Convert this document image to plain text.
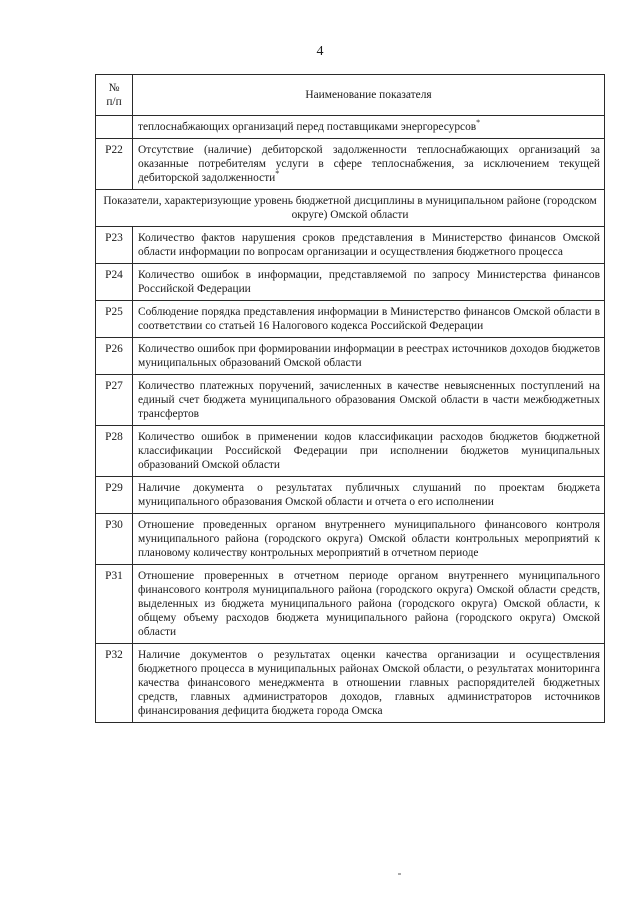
4
№
п/п	Наименование показателя
	теплоснабжающих организаций перед поставщиками энергоресурсов*
Р22	Отсутствие (наличие) дебиторской задолженности теплоснабжающих организаций за оказанные потребителям услуги в сфере теплоснабжения, за исключением текущей дебиторской задолженности*
Показатели, характеризующие уровень бюджетной дисциплины в муниципальном районе (городском округе) Омской области	
Р23	Количество фактов нарушения сроков представления в Министерство финансов Омской области информации по вопросам организации и осуществления бюджетного процесса
Р24	Количество ошибок в информации, представляемой по запросу Министерства финансов Российской Федерации
Р25	Соблюдение порядка представления информации в Министерство финансов Омской области в соответствии со статьей 16 Налогового кодекса Российской Федерации
Р26	Количество ошибок при формировании информации в реестрах источников доходов бюджетов муниципальных образований Омской области
Р27	Количество платежных поручений, зачисленных в качестве невыясненных поступлений на единый счет бюджета муниципального образования Омской области в части межбюджетных трансфертов
Р28	Количество ошибок в применении кодов классификации расходов бюджетов бюджетной классификации Российской Федерации при исполнении бюджетов муниципальных образований Омской области
Р29	Наличие документа о результатах публичных слушаний по проектам бюджета муниципального образования Омской области и отчета о его исполнении
Р30	Отношение проведенных органом внутреннего муниципального финансового контроля муниципального района (городского округа) Омской области контрольных мероприятий к плановому количеству контрольных мероприятий в отчетном периоде
Р31	Отношение проверенных в отчетном периоде органом внутреннего муниципального финансового контроля муниципального района (городского округа) Омской области средств, выделенных из бюджета муниципального района (городского округа) Омской области, к общему объему расходов бюджета муниципального района (городского округа) Омской области
Р32	Наличие документов о результатах оценки качества организации и осуществления бюджетного процесса в муниципальных районах Омской области, о результатах мониторинга качества финансового менеджмента в отношении главных распорядителей бюджетных средств, главных администраторов доходов, главных администраторов источников финансирования дефицита бюджета города Омска
